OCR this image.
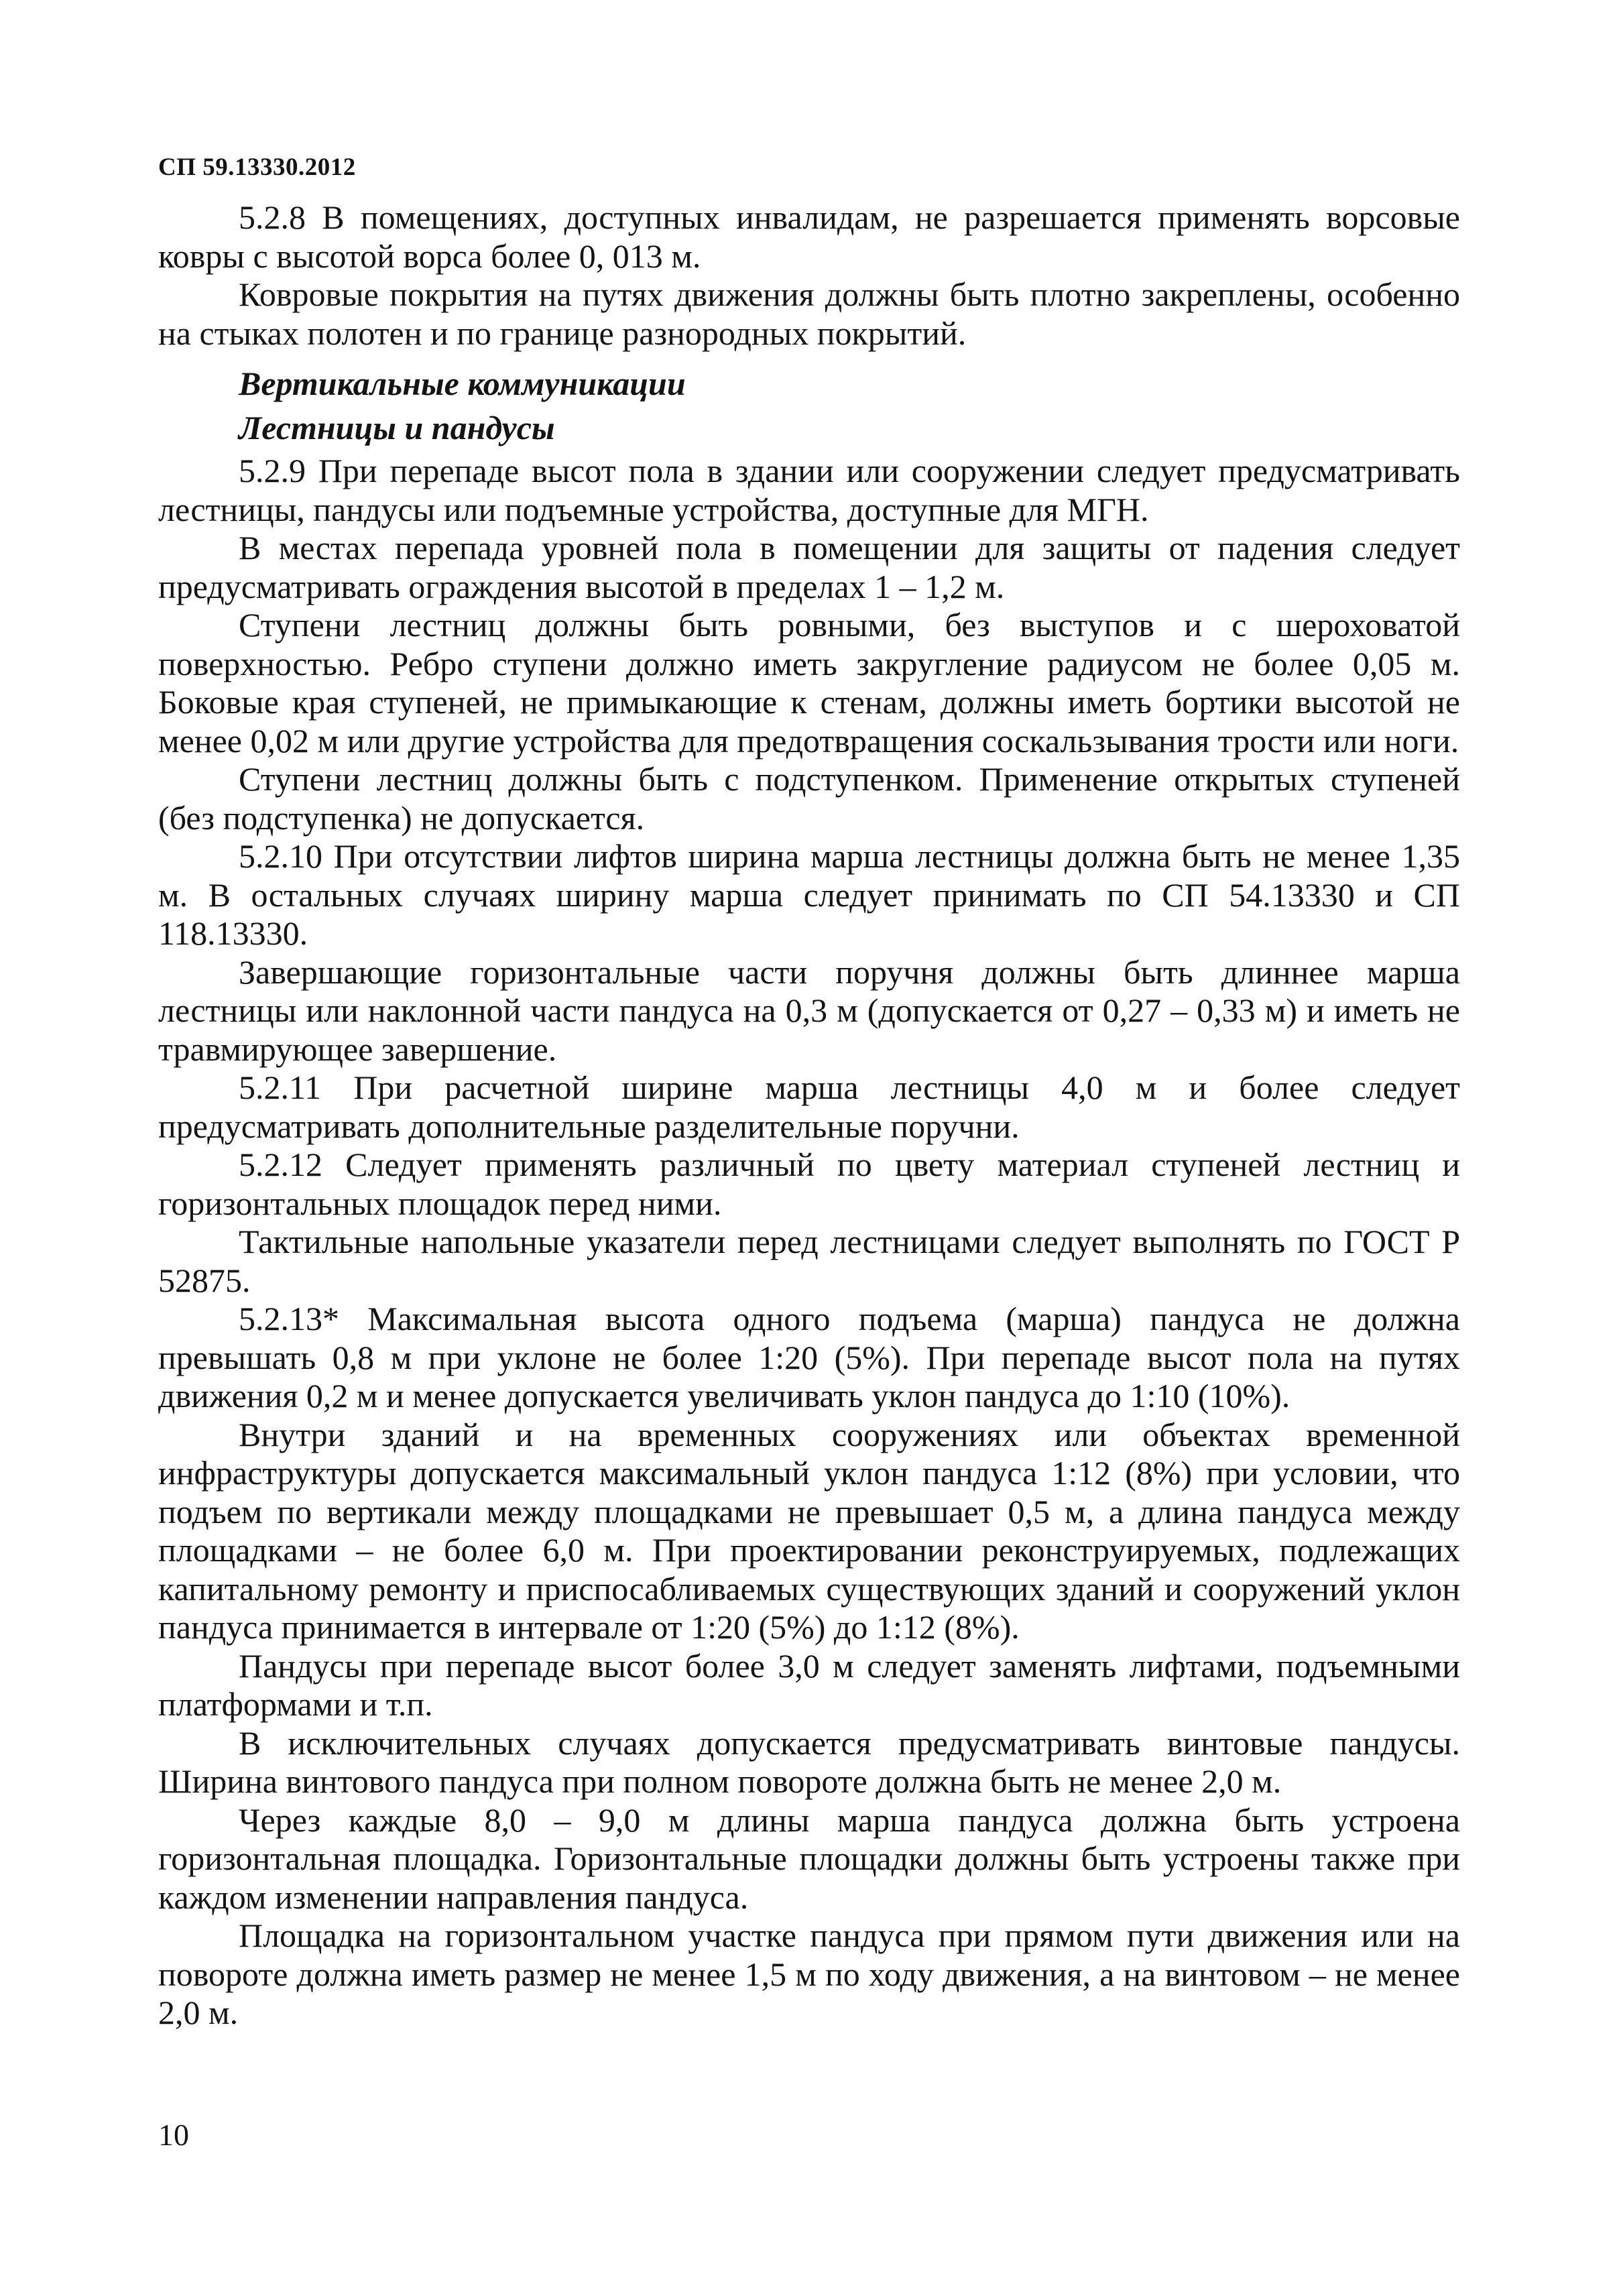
СП 59.13330.2012

5.2.8 В помещениях, доступных инвалидам, не разрешается применять ворсовые ковры с высотой ворса более 0, 013 м.

Ковровые покрытия на путях движения должны быть плотно закреплены, особенно на стыках полотен и по границе разнородных покрытий.

Вертикальные коммуникации

Лестницы и пандусы

5.2.9 При перепаде высот пола в здании или сооружении следует предусматривать лестницы, пандусы или подъемные устройства, доступные для МГН.

В местах перепада уровней пола в помещении для защиты от падения следует предусматривать ограждения высотой в пределах 1 – 1,2 м.

Ступени лестниц должны быть ровными, без выступов и с шероховатой поверхностью. Ребро ступени должно иметь закругление радиусом не более 0,05 м. Боковые края ступеней, не примыкающие к стенам, должны иметь бортики высотой не менее 0,02 м или другие устройства для предотвращения соскальзывания трости или ноги.

Ступени лестниц должны быть с подступенком. Применение открытых ступеней (без подступенка) не допускается.

5.2.10 При отсутствии лифтов ширина марша лестницы должна быть не менее 1,35 м. В остальных случаях ширину марша следует принимать по СП 54.13330 и СП 118.13330.

Завершающие горизонтальные части поручня должны быть длиннее марша лестницы или наклонной части пандуса на 0,3 м (допускается от 0,27 – 0,33 м) и иметь не травмирующее завершение.

5.2.11 При расчетной ширине марша лестницы 4,0 м и более следует предусматривать дополнительные разделительные поручни.

5.2.12 Следует применять различный по цвету материал ступеней лестниц и горизонтальных площадок перед ними.

Тактильные напольные указатели перед лестницами следует выполнять по ГОСТ Р 52875.

5.2.13* Максимальная высота одного подъема (марша) пандуса не должна превышать 0,8 м при уклоне не более 1:20 (5%). При перепаде высот пола на путях движения 0,2 м и менее допускается увеличивать уклон пандуса до 1:10 (10%).

Внутри зданий и на временных сооружениях или объектах временной инфраструктуры допускается максимальный уклон пандуса 1:12 (8%) при условии, что подъем по вертикали между площадками не превышает 0,5 м, а длина пандуса между площадками – не более 6,0 м. При проектировании реконструируемых, подлежащих капитальному ремонту и приспосабливаемых существующих зданий и сооружений уклон пандуса принимается в интервале от 1:20 (5%) до 1:12 (8%).

Пандусы при перепаде высот более 3,0 м следует заменять лифтами, подъемными платформами и т.п.

В исключительных случаях допускается предусматривать винтовые пандусы. Ширина винтового пандуса при полном повороте должна быть не менее 2,0 м.

Через каждые 8,0 – 9,0 м длины марша пандуса должна быть устроена горизонтальная площадка. Горизонтальные площадки должны быть устроены также при каждом изменении направления пандуса.

Площадка на горизонтальном участке пандуса при прямом пути движения или на повороте должна иметь размер не менее 1,5 м по ходу движения, а на винтовом – не менее 2,0 м.

10
